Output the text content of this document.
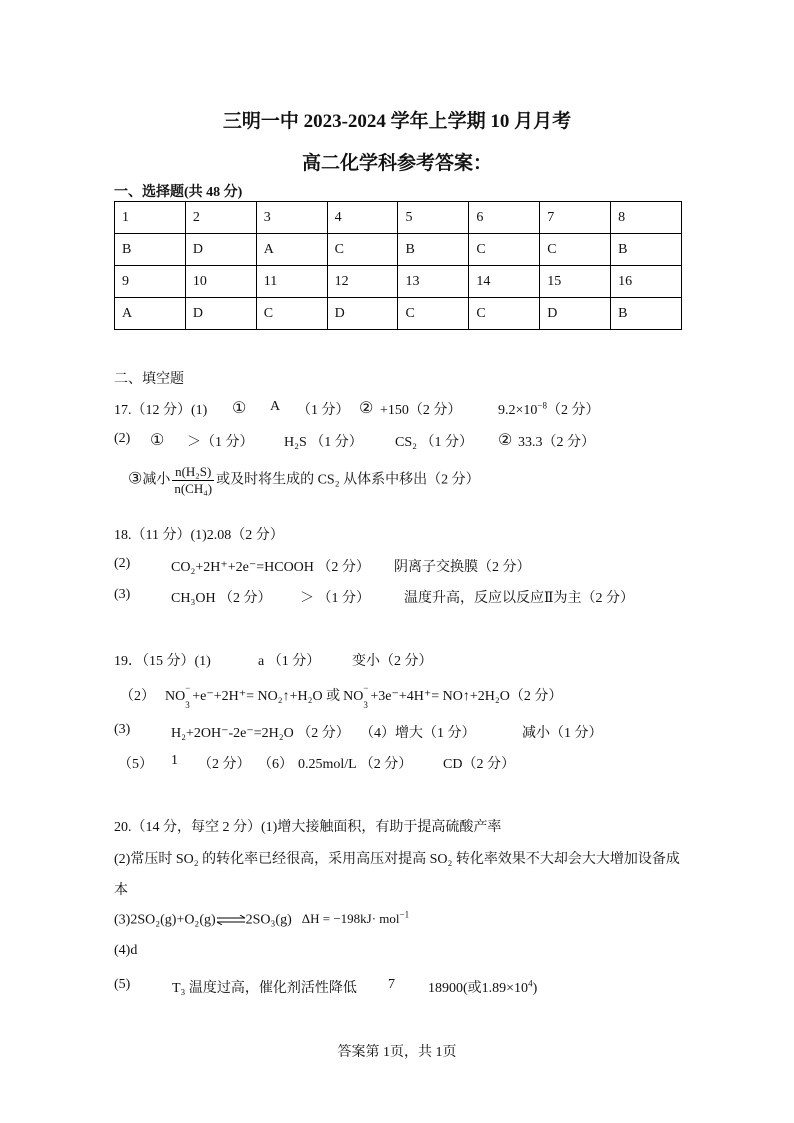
三明一中 2023-2024 学年上学期 10 月月考
高二化学科参考答案：
一、选择题(共 48 分)
1	2	3	4	5	6	7	8
B	D	A	C	B	C	C	B
9	10	11	12	13	14	15	16
A	D	C	D	C	C	D	B
二、填空题
17.（12 分）(1) ① A （1 分） ② +150（2 分）	$9.2\times 10^{-8}(2$ 分）
(2) ① ＞（1 分） H₂S （1 分） CS₂ （1 分） ② 33.3（2 分）
③减小 $\frac{\text{n(H₂S)}}{\text{n(CH₄)}}$ 或及时将生成的 CS₂ 从体系中移出（2 分）
18.（11 分）(1)2.08（2 分）
(2)	CO₂+2H⁺+2e⁻=HCOOH （2 分） 阴离子交换膜（2 分）
(3)	CH₃OH （2 分） ＞ （1 分） 温度升高，反应以反应Ⅱ为主（2 分）
19．（15 分）(1)	a （1 分） 变小（2 分）
（2） NO
−
3
+e⁻+2H⁺= NO₂↑+H₂O 或 NO
−
3
+3e⁻+4H⁺= NO↑+2H₂O（2 分）
(3)	H₂+2OH⁻-2e⁻=2H₂O （2 分） （4）增大（1 分）	减小（1 分）
（5） 1 （2 分） （6） 0.25mol/L （2 分） CD（2 分）
20.（14 分，每空 2 分）(1)增大接触面积，有助于提高硫酸产率
(2)常压时 SO₂ 的转化率已经很高，采用高压对提高 SO₂ 转化率效果不大却会大大增加设备成
本
(3)2SO₂(g)+O₂(g)⇌2SO₃(g) ΔH = −198kJ· mol$^{-1}$
(4)d
(5)	T₃ 温度过高，催化剂活性降低 7 18900(或$1.89\times 10^4$)
答案第 1页，共 1页
